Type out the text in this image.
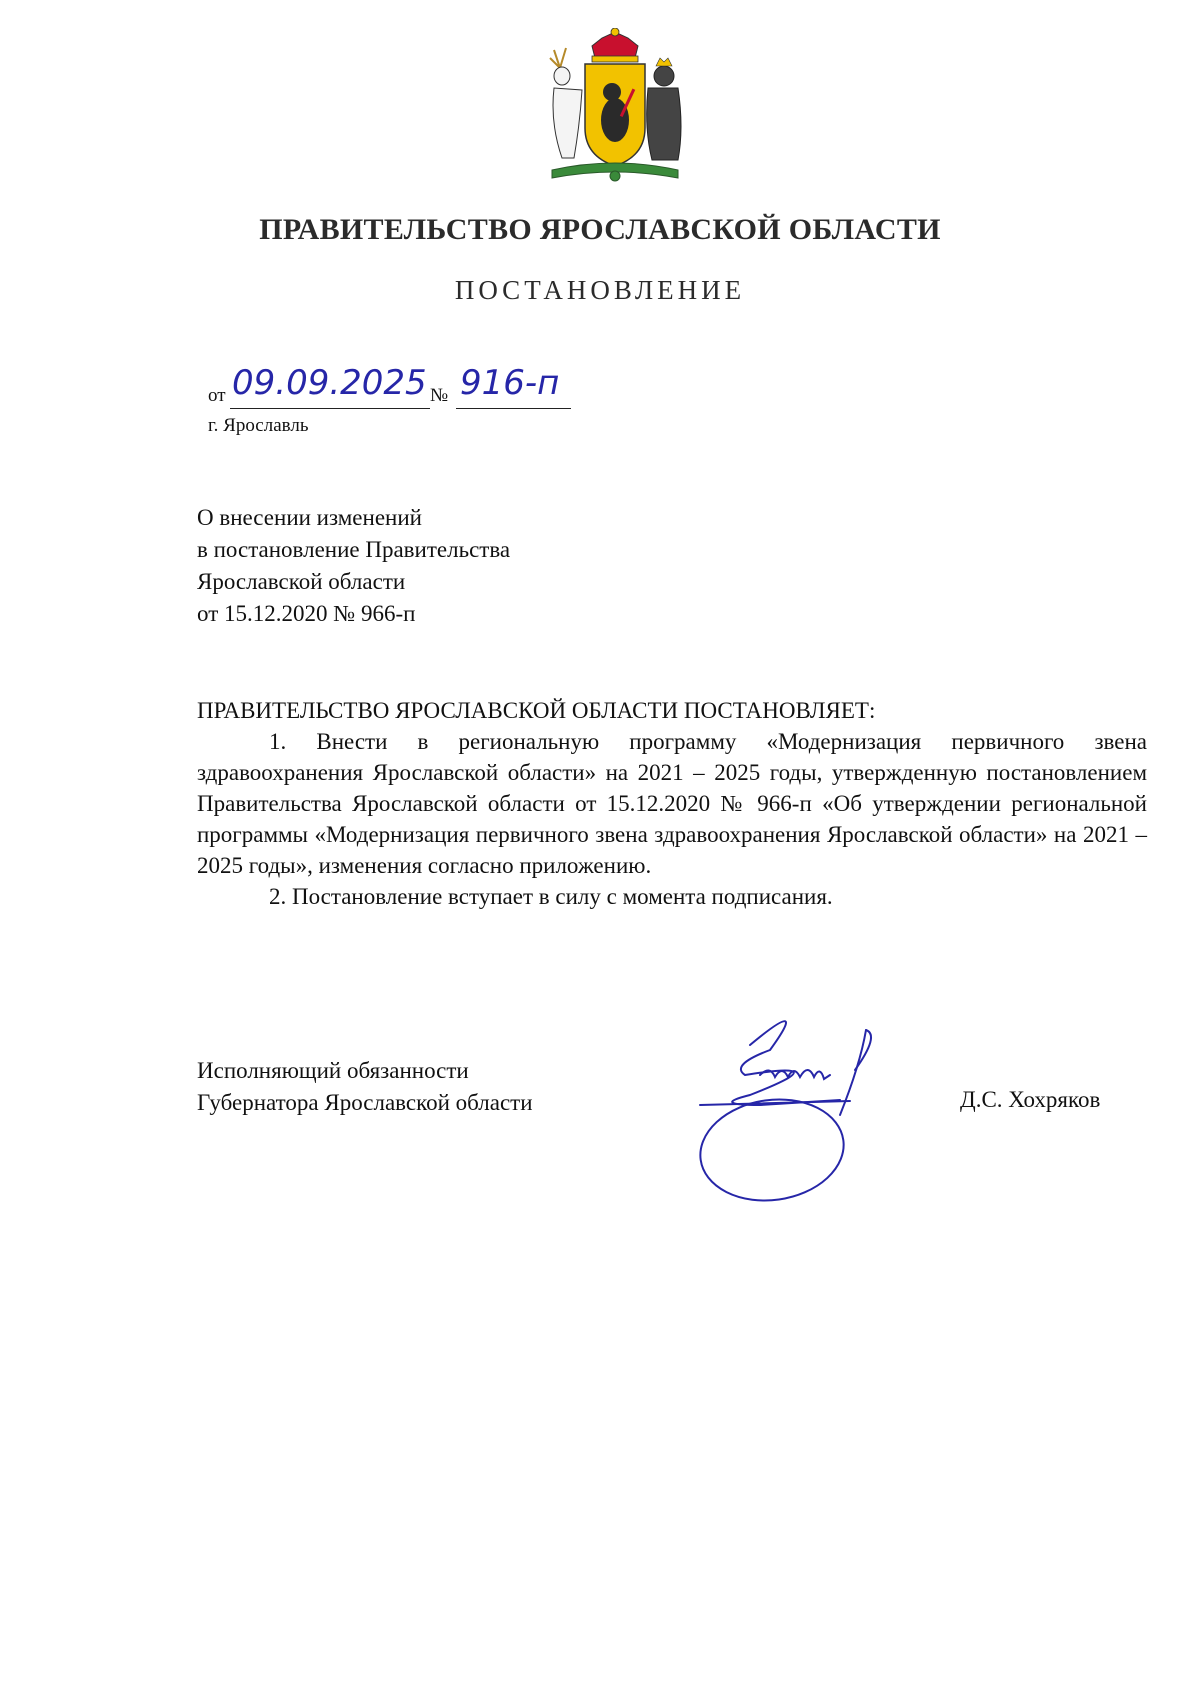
ПРАВИТЕЛЬСТВО ЯРОСЛАВСКОЙ ОБЛАСТИ
ПОСТАНОВЛЕНИЕ
от 09.09.2025 № 916-п
г. Ярославль
О внесении изменений
в постановление Правительства
Ярославской области
от 15.12.2020 № 966-п
ПРАВИТЕЛЬСТВО ЯРОСЛАВСКОЙ ОБЛАСТИ ПОСТАНОВЛЯЕТ:
1. Внести в региональную программу «Модернизация первичного звена здравоохранения Ярославской области» на 2021 – 2025 годы, утвержденную постановлением Правительства Ярославской области от 15.12.2020 № 966-п «Об утверждении региональной программы «Модернизация первичного звена здравоохранения Ярославской области» на 2021 – 2025 годы», изменения согласно приложению.
2. Постановление вступает в силу с момента подписания.
Исполняющий обязанности
Губернатора Ярославской области	Д.С. Хохряков
